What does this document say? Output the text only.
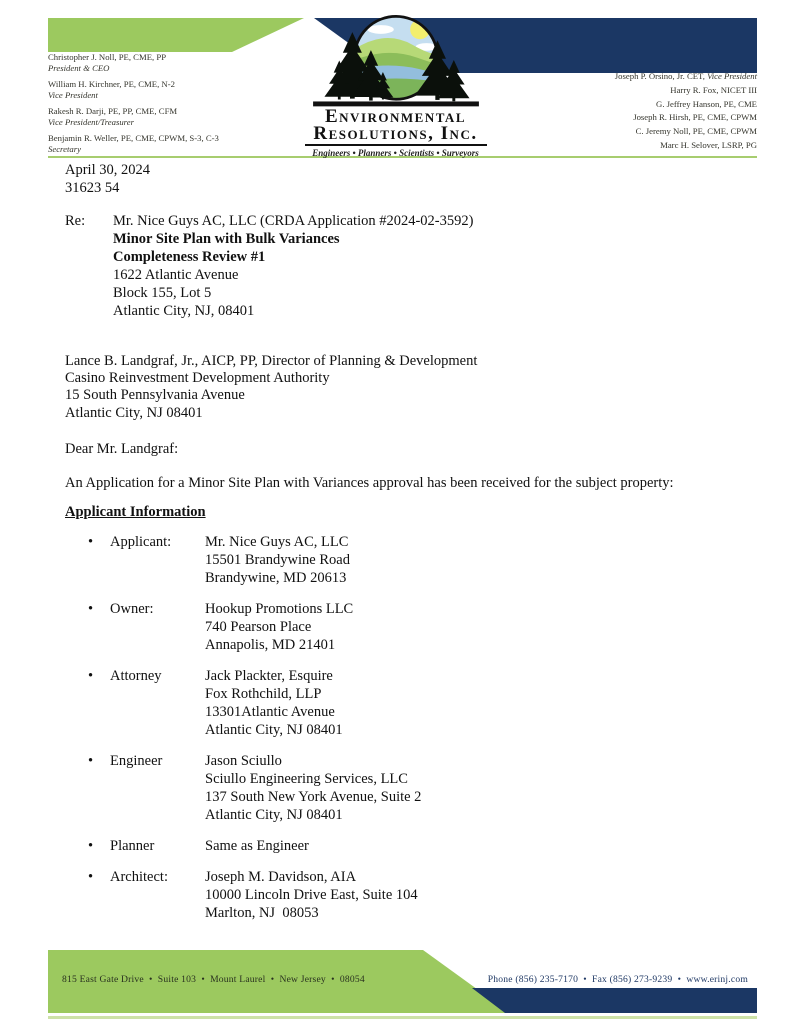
Christopher J. Noll, PE, CME, PP
President & CEO
William H. Kirchner, PE, CME, N-2
Vice President
Rakesh R. Darji, PE, PP, CME, CFM
Vice President/Treasurer
Benjamin R. Weller, PE, CME, CPWM, S-3, C-3
Secretary
Joseph P. Orsino, Jr. CET, Vice President
Harry R. Fox, NICET III
G. Jeffrey Hanson, PE, CME
Joseph R. Hirsh, PE, CME, CPWM
C. Jeremy Noll, PE, CME, CPWM
Marc H. Selover, LSRP, PG
Environmental
Resolutions, Inc.
Engineers • Planners • Scientists • Surveyors
April 30, 2024
31623 54
Re:	Mr. Nice Guys AC, LLC (CRDA Application #2024-02-3592)
Minor Site Plan with Bulk Variances
Completeness Review #1
1622 Atlantic Avenue
Block 155, Lot 5
Atlantic City, NJ, 08401
Lance B. Landgraf, Jr., AICP, PP, Director of Planning & Development
Casino Reinvestment Development Authority
15 South Pennsylvania Avenue
Atlantic City, NJ 08401
Dear Mr. Landgraf:
An Application for a Minor Site Plan with Variances approval has been received for the subject property:
Applicant Information
•	Applicant:	Mr. Nice Guys AC, LLC
15501 Brandywine Road
Brandywine, MD 20613
•	Owner:	Hookup Promotions LLC
740 Pearson Place
Annapolis, MD 21401
•	Attorney	Jack Plackter, Esquire
Fox Rothchild, LLP
13301Atlantic Avenue
Atlantic City, NJ 08401
•	Engineer	Jason Sciullo
Sciullo Engineering Services, LLC
137 South New York Avenue, Suite 2
Atlantic City, NJ 08401
•	Planner	Same as Engineer
•	Architect:	Joseph M. Davidson, AIA
10000 Lincoln Drive East, Suite 104
Marlton, NJ  08053
815 East Gate Drive  •  Suite 103  •  Mount Laurel  •  New Jersey  •  08054	Phone (856) 235-7170  •  Fax (856) 273-9239  •  www.erinj.com
